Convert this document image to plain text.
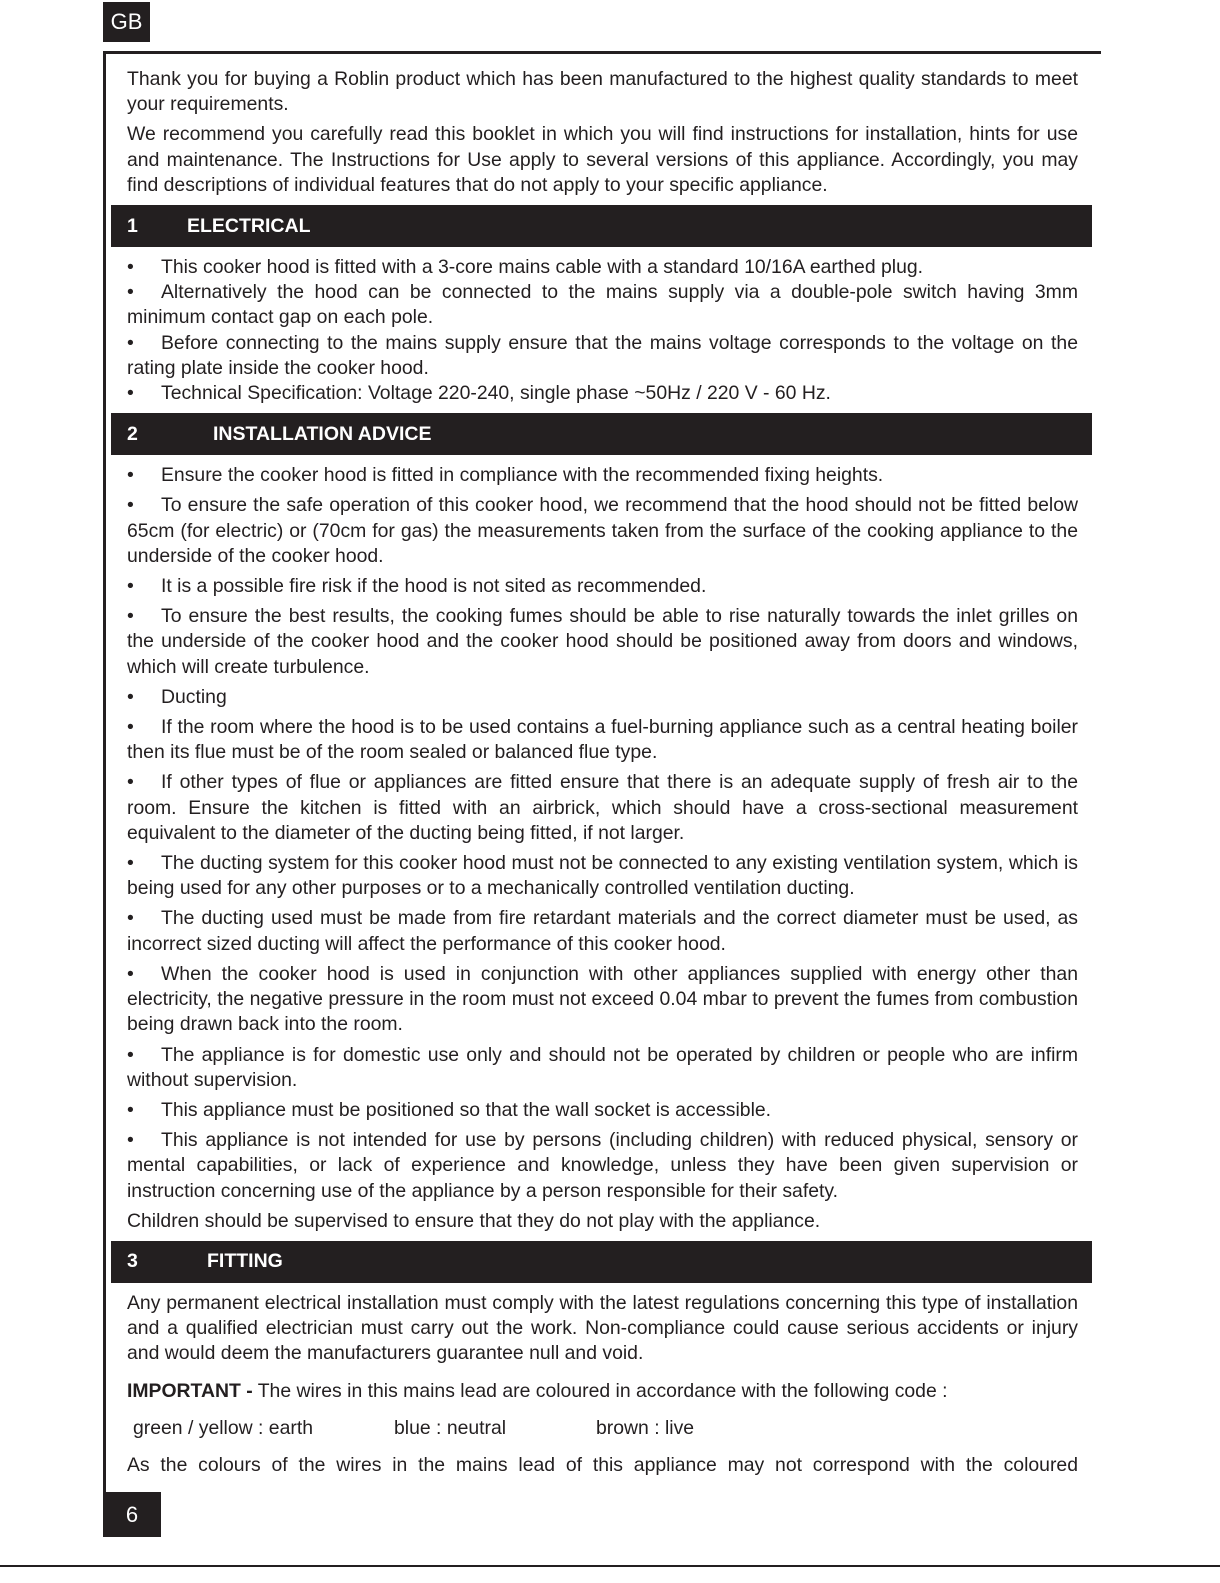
GB

Thank you for buying a Roblin product which has been manufactured to the highest quality standards to meet your requirements.

We recommend you carefully read this booklet in which you will find instructions for installation, hints for use and maintenance. The Instructions for Use apply to several versions of this appliance. Accordingly, you may find descriptions of individual features that do not apply to your specific appliance.

1	ELECTRICAL

• This cooker hood is fitted with a 3-core mains cable with a standard 10/16A earthed plug.

• Alternatively the hood can be connected to the mains supply via a double-pole switch having 3mm minimum contact gap on each pole.

• Before connecting to the mains supply ensure that the mains voltage corresponds to the voltage on the rating plate inside the cooker hood.

• Technical Specification: Voltage 220-240, single phase ~50Hz / 220 V - 60 Hz.

2	INSTALLATION ADVICE

• Ensure the cooker hood is fitted in compliance with the recommended fixing heights.

• To ensure the safe operation of this cooker hood, we recommend that the hood should not be fitted below 65cm (for electric) or (70cm for gas) the measurements taken from the surface of the cooking appliance to the underside of the cooker hood.

• It is a possible fire risk if the hood is not sited as recommended.

• To ensure the best results, the cooking fumes should be able to rise naturally towards the inlet grilles on the underside of the cooker hood and the cooker hood should be positioned away from doors and windows, which will create turbulence.

• Ducting

• If the room where the hood is to be used contains a fuel-burning appliance such as a central heating boiler then its flue must be of the room sealed or balanced flue type.

• If other types of flue or appliances are fitted ensure that there is an adequate supply of fresh air to the room. Ensure the kitchen is fitted with an airbrick, which should have a cross-sectional measurement equivalent to the diameter of the ducting being fitted, if not larger.

• The ducting system for this cooker hood must not be connected to any existing ventilation system, which is being used for any other purposes or to a mechanically controlled ventilation ducting.

• The ducting used must be made from fire retardant materials and the correct diameter must be used, as incorrect sized ducting will affect the performance of this cooker hood.

• When the cooker hood is used in conjunction with other appliances supplied with energy other than electricity, the negative pressure in the room must not exceed 0.04 mbar to prevent the fumes from combustion being drawn back into the room.

• The appliance is for domestic use only and should not be operated by children or people who are infirm without supervision.

• This appliance must be positioned so that the wall socket is accessible.

• This appliance is not intended for use by persons (including children) with reduced physical, sensory or mental capabilities, or lack of experience and knowledge, unless they have been given supervision or instruction concerning use of the appliance by a person responsible for their safety.

Children should be supervised to ensure that they do not play with the appliance.

3	FITTING

Any permanent electrical installation must comply with the latest regulations concerning this type of installation and a qualified electrician must carry out the work. Non-compliance could cause serious accidents or injury and would deem the manufacturers guarantee null and void.

IMPORTANT - The wires in this mains lead are coloured in accordance with the following code :

green / yellow : earth	blue : neutral	brown : live

As the colours of the wires in the mains lead of this appliance may not correspond with the coloured

6
